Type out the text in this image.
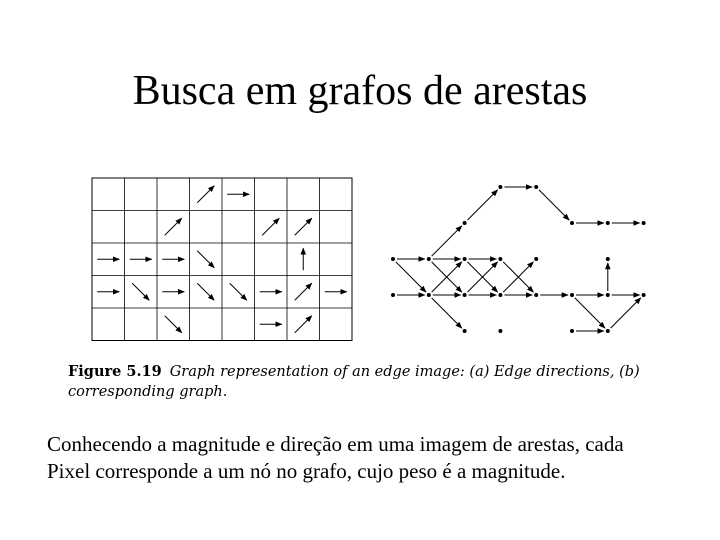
Busca em grafos de arestas
Figure 5.19 Graph representation of an edge image: (a) Edge directions, (b)
corresponding graph.
Conhecendo a magnitude e direção em uma imagem de arestas, cada
Pixel corresponde a um nó no grafo, cujo peso é a magnitude.
